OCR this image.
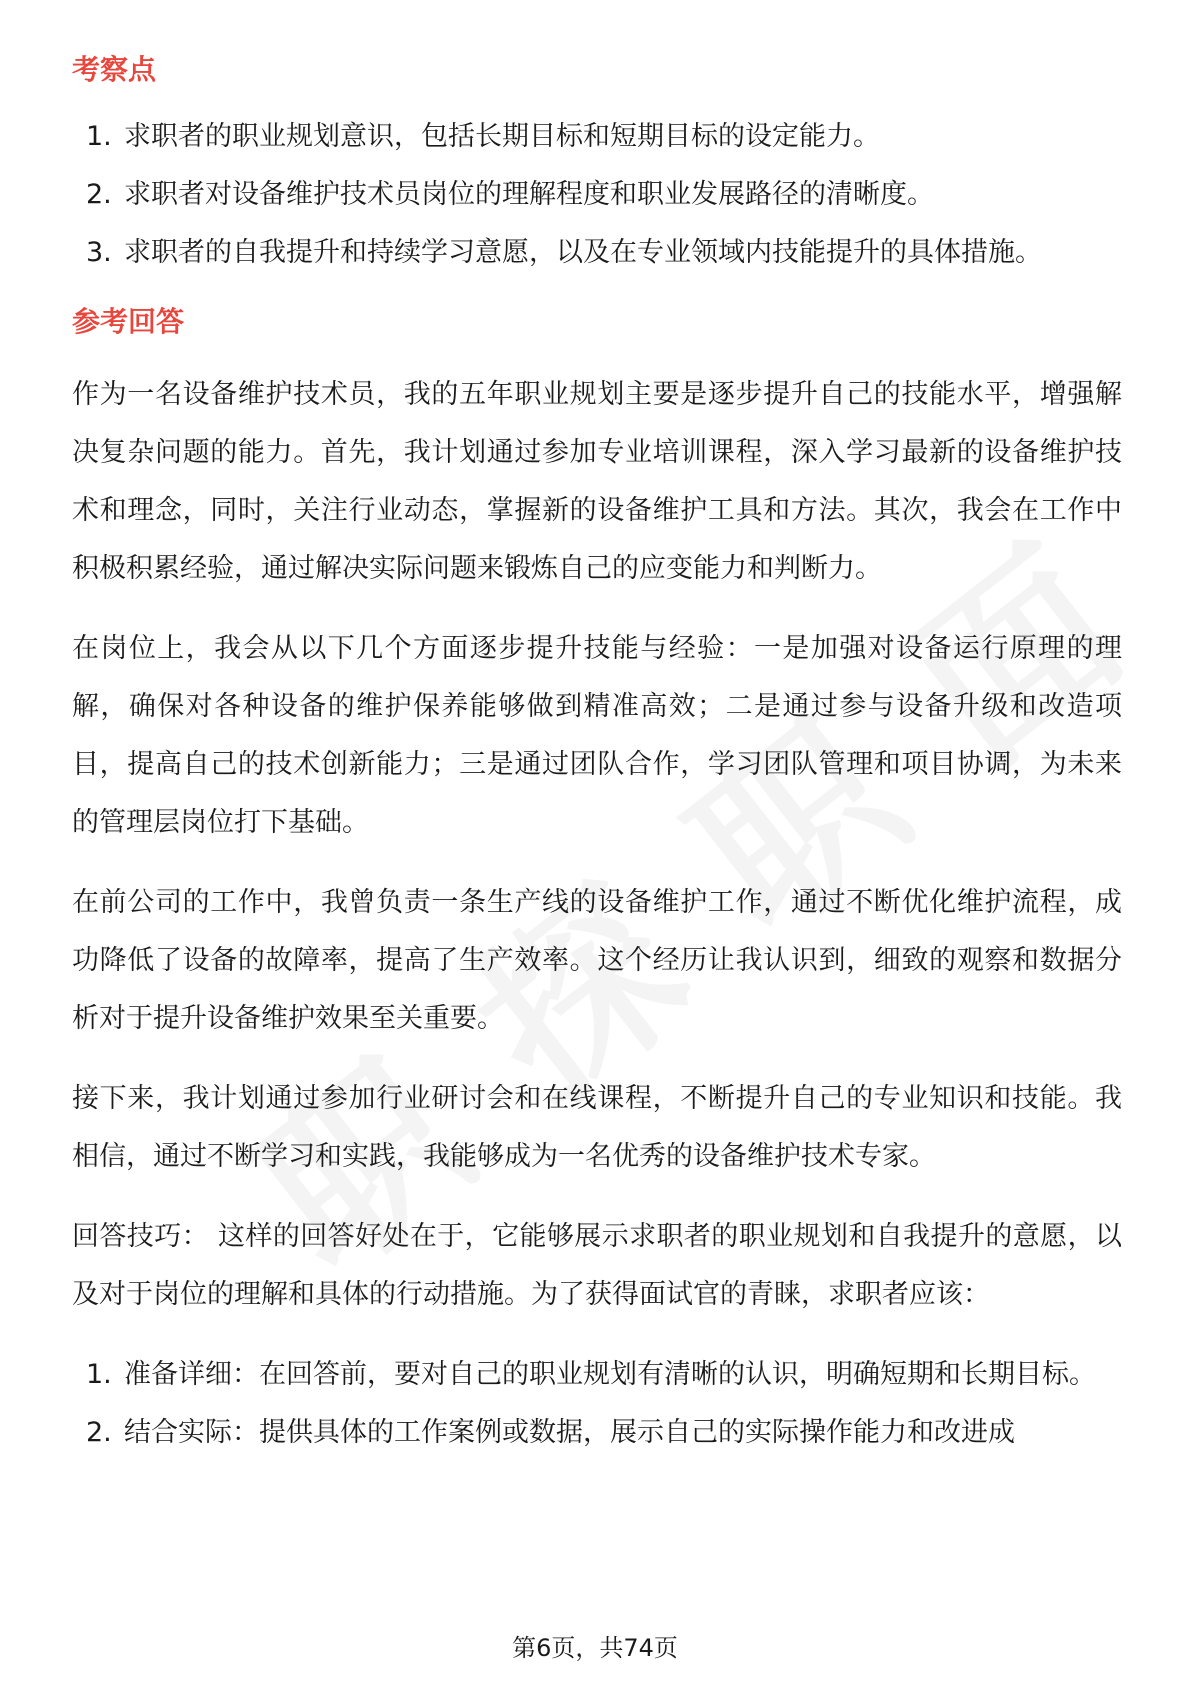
考察点
1. 求职者的职业规划意识，包括长期目标和短期目标的设定能力。
2. 求职者对设备维护技术员岗位的理解程度和职业发展路径的清晰度。
3. 求职者的自我提升和持续学习意愿，以及在专业领域内技能提升的具体措施。
参考回答

作为一名设备维护技术员，我的五年职业规划主要是逐步提升自己的技能水平，增强解决复杂问题的能力。首先，我计划通过参加专业培训课程，深入学习最新的设备维护技术和理念，同时，关注行业动态，掌握新的设备维护工具和方法。其次，我会在工作中积极积累经验，通过解决实际问题来锻炼自己的应变能力和判断力。

在岗位上，我会从以下几个方面逐步提升技能与经验：一是加强对设备运行原理的理解，确保对各种设备的维护保养能够做到精准高效；二是通过参与设备升级和改造项目，提高自己的技术创新能力；三是通过团队合作，学习团队管理和项目协调，为未来的管理层岗位打下基础。

在前公司的工作中，我曾负责一条生产线的设备维护工作，通过不断优化维护流程，成功降低了设备的故障率，提高了生产效率。这个经历让我认识到，细致的观察和数据分析对于提升设备维护效果至关重要。

接下来，我计划通过参加行业研讨会和在线课程，不断提升自己的专业知识和技能。我相信，通过不断学习和实践，我能够成为一名优秀的设备维护技术专家。

回答技巧： 这样的回答好处在于，它能够展示求职者的职业规划和自我提升的意愿，以及对于岗位的理解和具体的行动措施。为了获得面试官的青睐，求职者应该：

1. 准备详细：在回答前，要对自己的职业规划有清晰的认识，明确短期和长期目标。
2. 结合实际：提供具体的工作案例或数据，展示自己的实际操作能力和改进成
第6页，共74页
